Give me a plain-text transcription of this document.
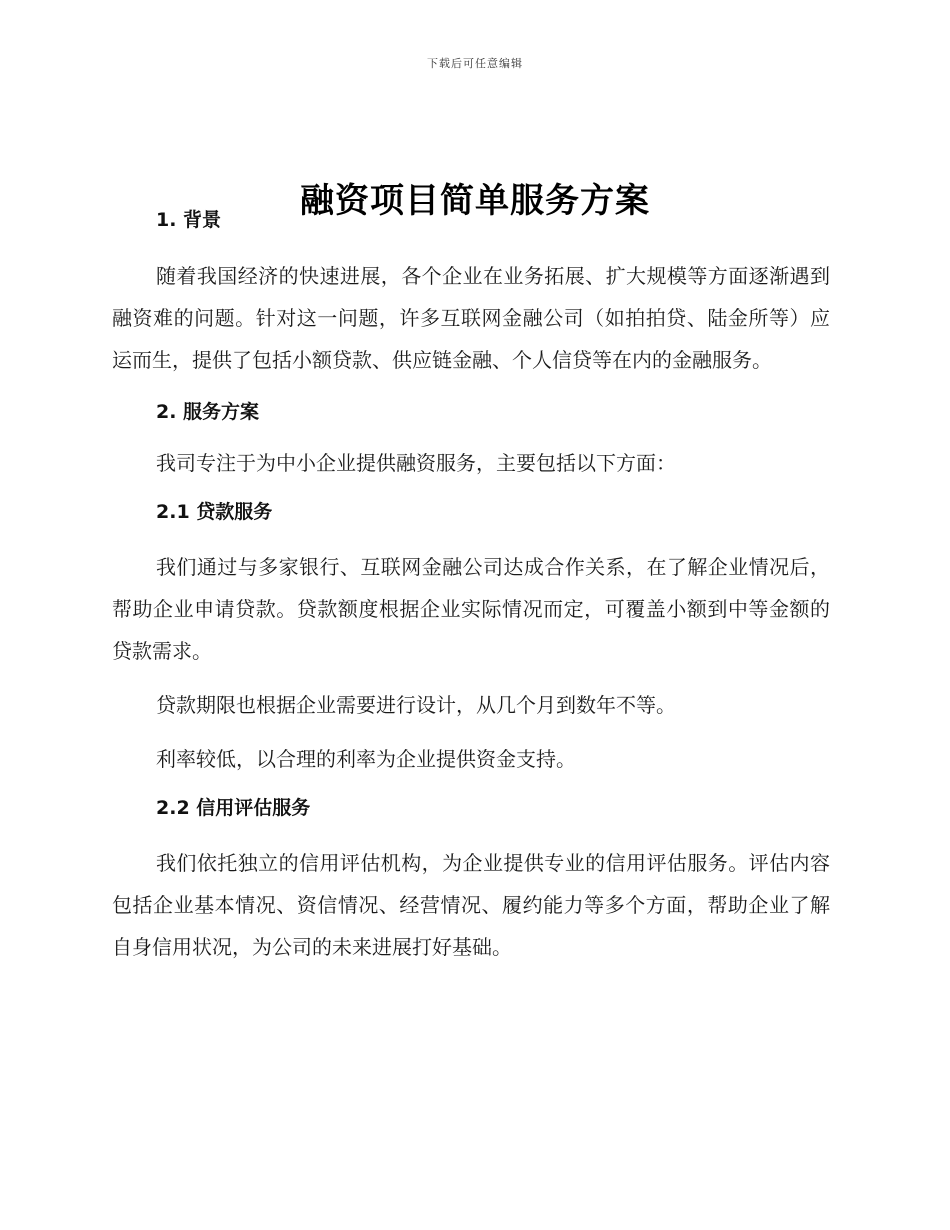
下载后可任意编辑
融资项目简单服务方案

1. 背景

随着我国经济的快速进展，各个企业在业务拓展、扩大规模等方面逐渐遇到融资难的问题。针对这一问题，许多互联网金融公司（如拍拍贷、陆金所等）应运而生，提供了包括小额贷款、供应链金融、个人信贷等在内的金融服务。

2. 服务方案

我司专注于为中小企业提供融资服务，主要包括以下方面：

2.1 贷款服务

我们通过与多家银行、互联网金融公司达成合作关系，在了解企业情况后，帮助企业申请贷款。贷款额度根据企业实际情况而定，可覆盖小额到中等金额的贷款需求。

贷款期限也根据企业需要进行设计，从几个月到数年不等。

利率较低，以合理的利率为企业提供资金支持。

2.2 信用评估服务

我们依托独立的信用评估机构，为企业提供专业的信用评估服务。评估内容包括企业基本情况、资信情况、经营情况、履约能力等多个方面，帮助企业了解自身信用状况，为公司的未来进展打好基础。
